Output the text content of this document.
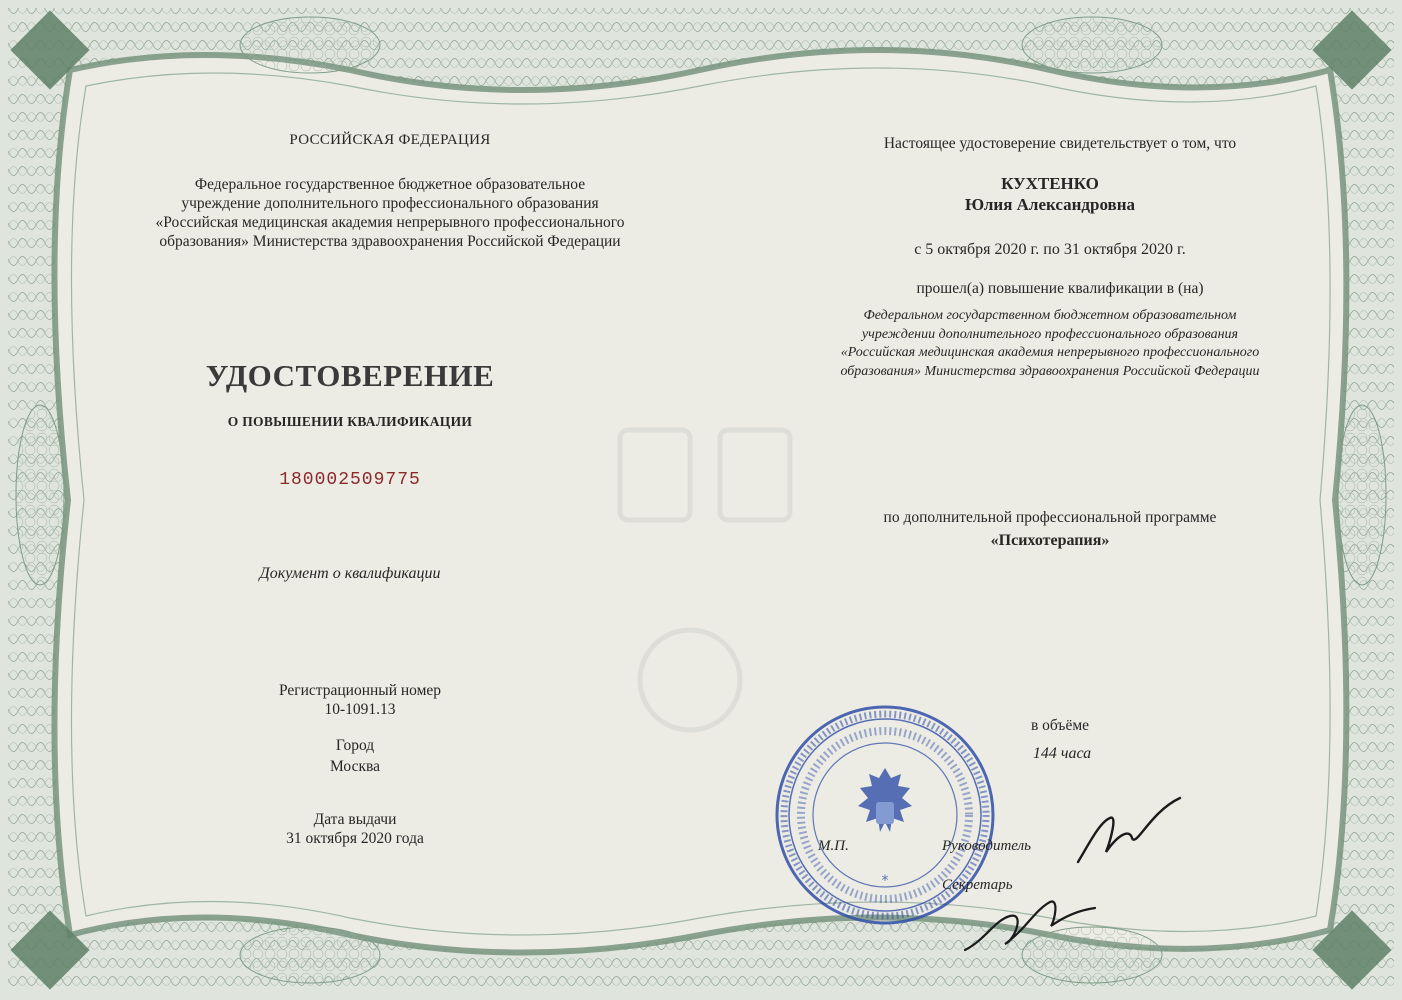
РОССИЙСКАЯ ФЕДЕРАЦИЯ
Федеральное государственное бюджетное образовательное
учреждение дополнительного профессионального образования
«Российская медицинская академия непрерывного профессионального
образования» Министерства здравоохранения Российской Федерации
УДОСТОВЕРЕНИЕ
О ПОВЫШЕНИИ КВАЛИФИКАЦИИ
180002509775
Документ о квалификации
Регистрационный номер
10-1091.13
Город
Москва
Дата выдачи
31 октября 2020 года
Настоящее удостоверение свидетельствует о том, что
КУХТЕНКО
Юлия Александровна
с 5 октября 2020 г. по 31 октября 2020 г.
прошел(а) повышение квалификации в (на)
Федеральном государственном бюджетном образовательном
учреждении дополнительного профессионального образования
«Российская медицинская академия непрерывного профессионального
образования» Министерства здравоохранения Российской Федерации
по дополнительной профессиональной программе
«Психотерапия»
в объёме
144 часа
*
М.П.	Руководитель
Секретарь
